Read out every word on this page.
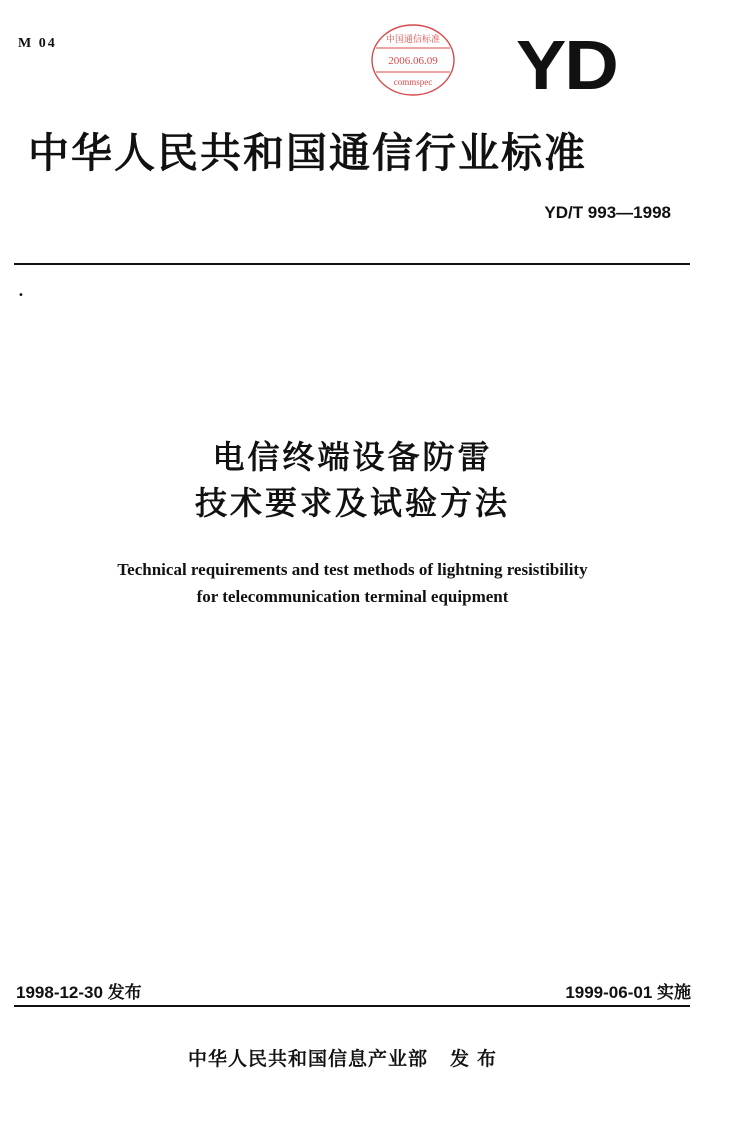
M 04	中国通信标准
2006.06.09
commspec YD
中华人民共和国通信行业标准
YD/T 993—1998
•
电信终端设备防雷
技术要求及试验方法
Technical requirements and test methods of lightning resistibility
for telecommunication terminal equipment
1998-12-30 发布	1999-06-01 实施
中华人民共和国信息产业部 发布
